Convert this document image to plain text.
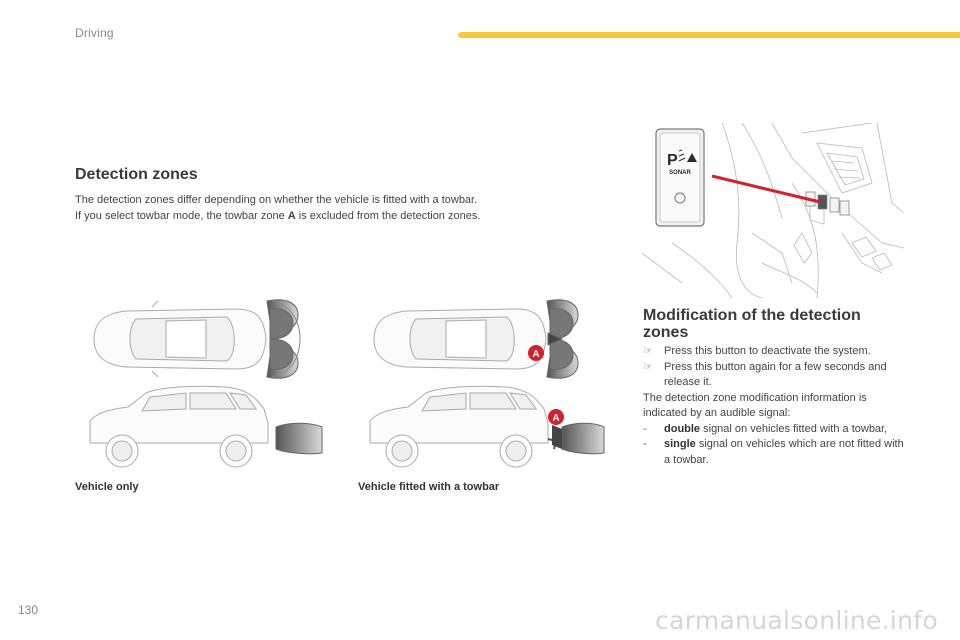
Driving
Detection zones

The detection zones differ depending on whether the vehicle is fitted with a towbar.

If you select towbar mode, the towbar zone A is excluded from the detection zones.

P
SONAR
Modification of the detection zones
☞	Press this button to deactivate the system.

☞	Press this button again for a few seconds and release it.

The detection zone modification information is indicated by an audible signal:

-	double signal on vehicles fitted with a towbar,

-	single signal on vehicles which are not fitted with a towbar.

A
A
Vehicle only	Vehicle fitted with a towbar
130	carmanualsonline.info
